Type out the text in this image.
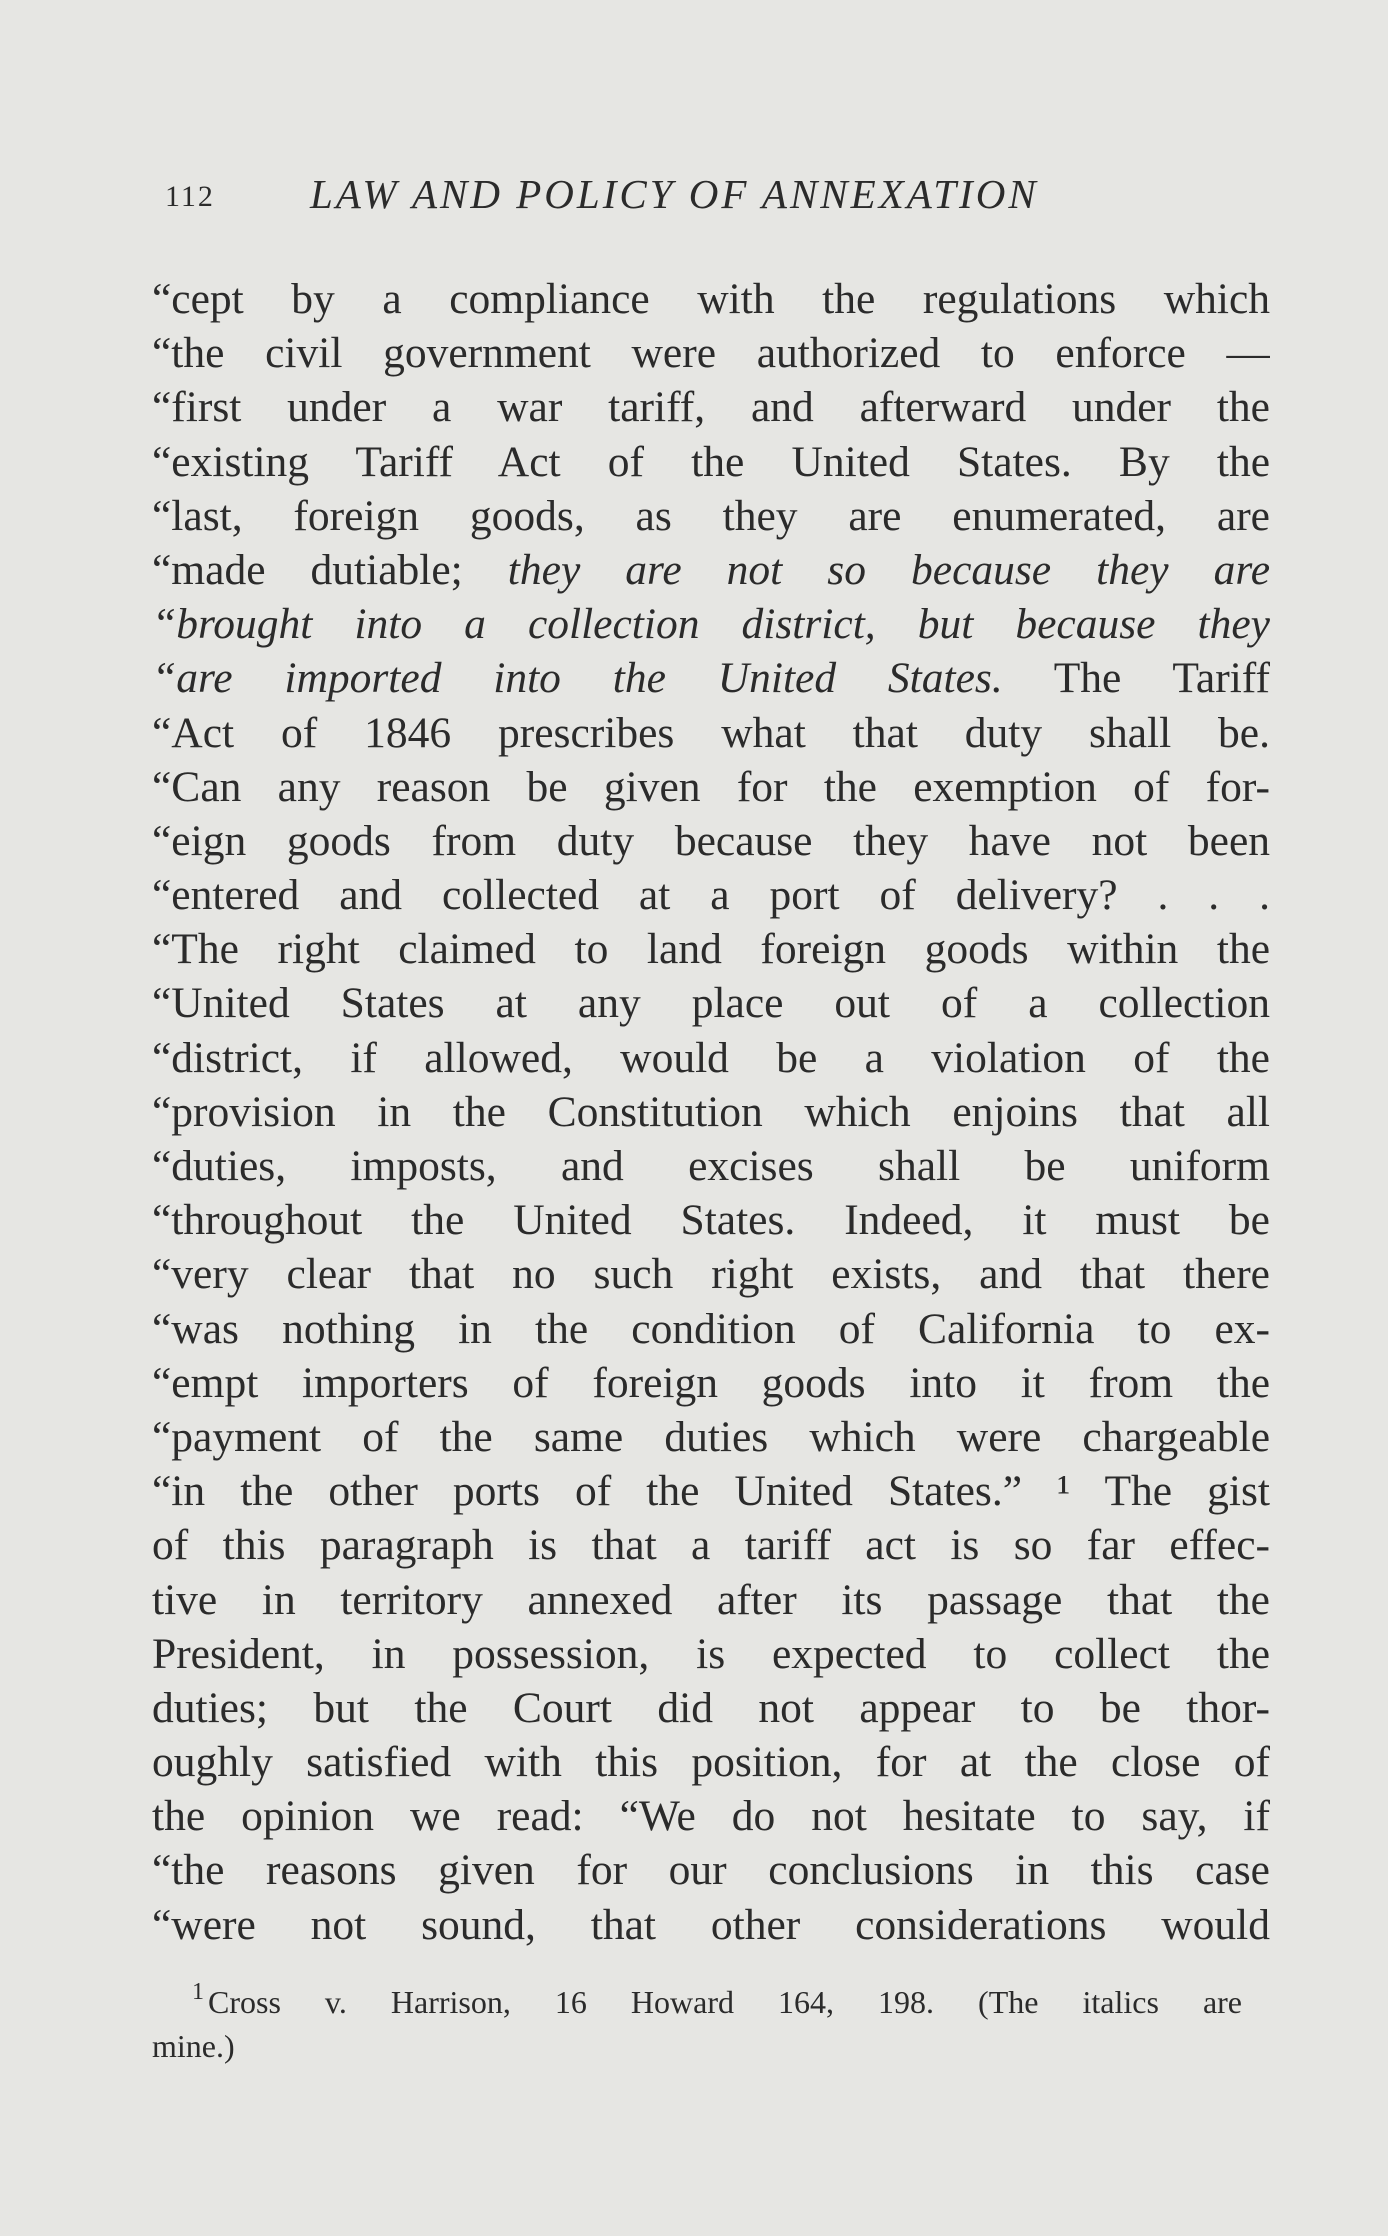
112 LAW AND POLICY OF ANNEXATION
“cept by a compliance with the regulations which
“the civil government were authorized to enforce —
“first under a war tariff, and afterward under the
“existing Tariff Act of the United States. By the
“last, foreign goods, as they are enumerated, are
“made dutiable; they are not so because they are
“brought into a collection district, but because they
“are imported into the United States. The Tariff
“Act of 1846 prescribes what that duty shall be.
“Can any reason be given for the exemption of for-
“eign goods from duty because they have not been
“entered and collected at a port of delivery? . . .
“The right claimed to land foreign goods within the
“United States at any place out of a collection
“district, if allowed, would be a violation of the
“provision in the Constitution which enjoins that all
“duties, imposts, and excises shall be uniform
“throughout the United States. Indeed, it must be
“very clear that no such right exists, and that there
“was nothing in the condition of California to ex-
“empt importers of foreign goods into it from the
“payment of the same duties which were chargeable
“in the other ports of the United States.” ¹ The gist
of this paragraph is that a tariff act is so far effec-
tive in territory annexed after its passage that the
President, in possession, is expected to collect the
duties; but the Court did not appear to be thor-
oughly satisfied with this position, for at the close of
the opinion we read: “We do not hesitate to say, if
“the reasons given for our conclusions in this case
“were not sound, that other considerations would
$^1$ Cross v. Harrison, 16 Howard 164, 198. (The italics are
mine.)
